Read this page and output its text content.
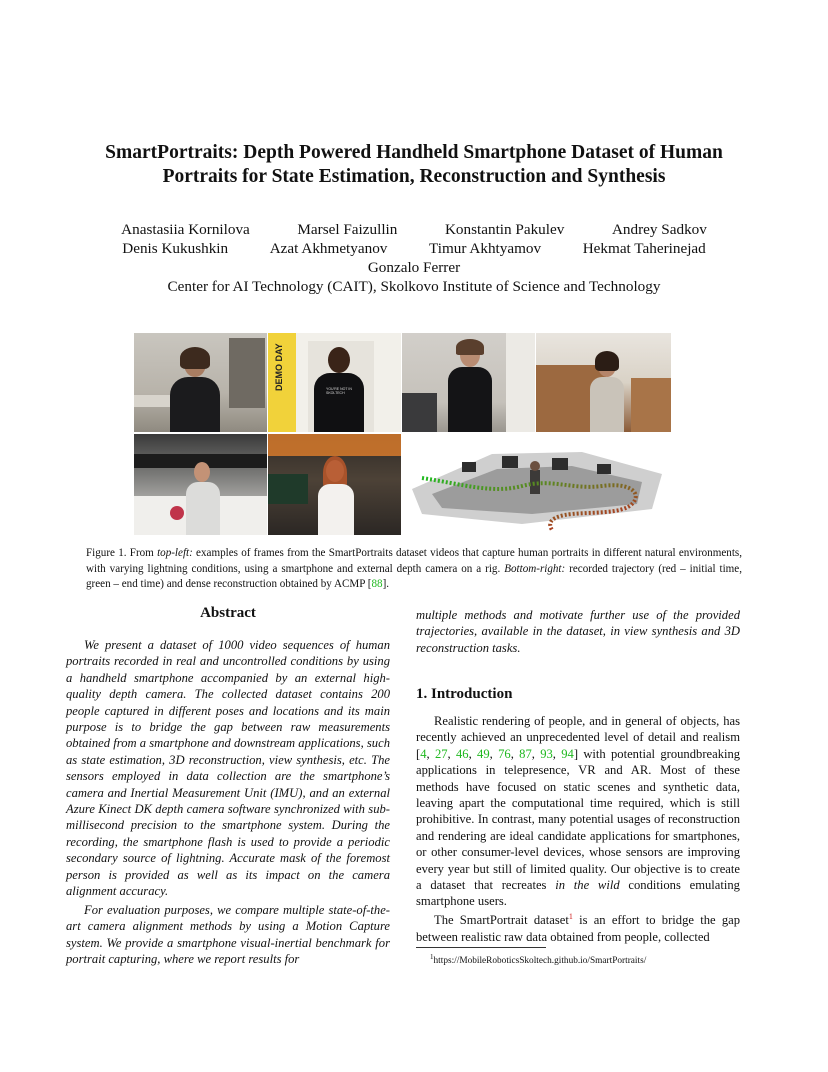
SmartPortraits: Depth Powered Handheld Smartphone Dataset of Human
Portraits for State Estimation, Reconstruction and Synthesis
Anastasiia Kornilova	Marsel Faizullin	Konstantin Pakulev	Andrey Sadkov
Denis Kukushkin	Azat Akhmetyanov	Timur Akhtyamov	Hekmat Taherinejad
Gonzalo Ferrer
Center for AI Technology (CAIT), Skolkovo Institute of Science and Technology
DEMO DAY	YOU'RE NOT IN SKOLTECH
Figure 1. From top-left: examples of frames from the SmartPortraits dataset videos that capture human portraits in different natural environments, with varying lightning conditions, using a smartphone and external depth camera on a rig. Bottom-right: recorded trajectory (red – initial time, green – end time) and dense reconstruction obtained by ACMP [88].
Abstract
We present a dataset of 1000 video sequences of human portraits recorded in real and uncontrolled conditions by using a handheld smartphone accompanied by an external high-quality depth camera. The collected dataset contains 200 people captured in different poses and locations and its main purpose is to bridge the gap between raw measurements obtained from a smartphone and downstream applications, such as state estimation, 3D reconstruction, view synthesis, etc. The sensors employed in data collection are the smartphone’s camera and Inertial Measurement Unit (IMU), and an external Azure Kinect DK depth camera software synchronized with sub-millisecond precision to the smartphone system. During the recording, the smartphone flash is used to provide a periodic secondary source of lightning. Accurate mask of the foremost person is provided as well as its impact on the camera alignment accuracy.
For evaluation purposes, we compare multiple state-of-the-art camera alignment methods by using a Motion Capture system. We provide a smartphone visual-inertial benchmark for portrait capturing, where we report results for
multiple methods and motivate further use of the provided trajectories, available in the dataset, in view synthesis and 3D reconstruction tasks.
1. Introduction
Realistic rendering of people, and in general of objects, has recently achieved an unprecedented level of detail and realism [4, 27, 46, 49, 76, 87, 93, 94] with potential groundbreaking applications in telepresence, VR and AR. Most of these methods have focused on static scenes and synthetic data, leaving apart the computational time required, which is still prohibitive. In contrast, many potential usages of reconstruction and rendering are ideal candidate applications for smartphones, or other consumer-level devices, whose sensors are improving every year but still of limited quality. Our objective is to create a dataset that recreates in the wild conditions emulating smartphone users.
The SmartPortrait dataset$^1$ is an effort to bridge the gap between realistic raw data obtained from people, collected
$^1$https://MobileRoboticsSkoltech.github.io/SmartPortraits/
